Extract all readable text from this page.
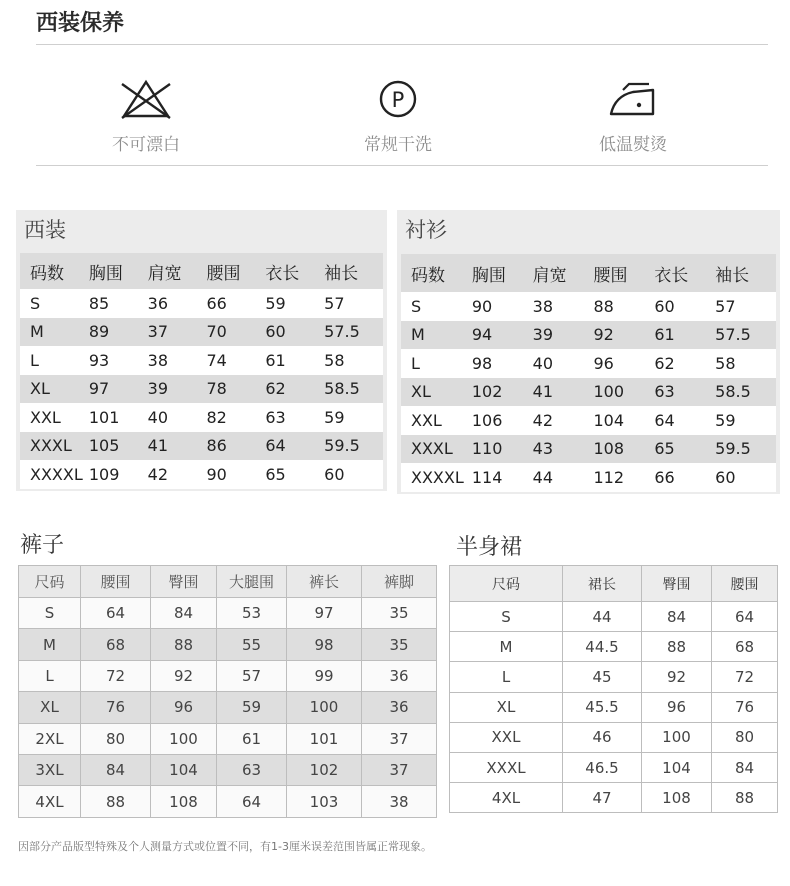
西装保养
不可漂白
P
常规干洗	低温熨烫
西装
码数	胸围	肩宽	腰围	衣长	袖长
S	85	36	66	59	57
M	89	37	70	60	57.5
L	93	38	74	61	58
XL	97	39	78	62	58.5
XXL	101	40	82	63	59
XXXL	105	41	86	64	59.5
XXXXL 109	42	90	65	60
衬衫
码数	胸围	肩宽	腰围	衣长	袖长
S	90	38	88	60	57
M	94	39	92	61	57.5
L	98	40	96	62	58
XL	102	41	100	63	58.5
XXL	106	42	104	64	59
XXXL	110	43	108	65	59.5
XXXXL 114	44	112	66	60
裤子
尺码	腰围	臀围	大腿围	裤长	裤脚
S	64	84	53	97	35
M	68	88	55	98	35
L	72	92	57	99	36
XL	76	96	59	100	36
2XL	80	100	61	101	37
3XL	84	104	63	102	37
4XL	88	108	64	103	38
半身裙
尺码	裙长	臀围	腰围
S	44	84	64
M	44.5	88	68
L	45	92	72
XL	45.5	96	76
XXL	46	100	80
XXXL	46.5	104	84
4XL	47	108	88
因部分产品版型特殊及个人测量方式或位置不同，有1-3厘米误差范围皆属正常现象。
